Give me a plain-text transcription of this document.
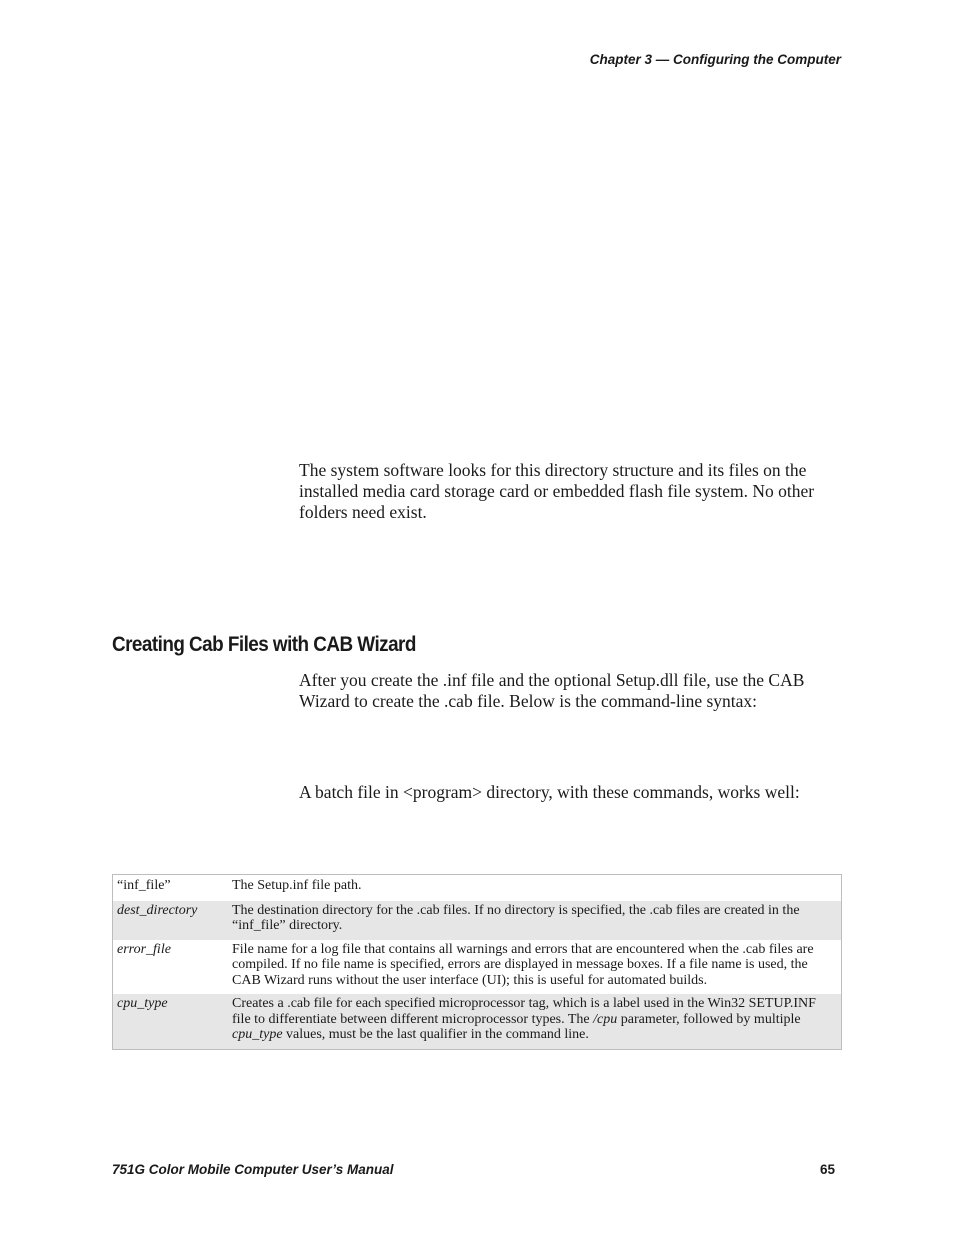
Chapter 3 — Configuring the Computer

The system software looks for this directory structure and its files on the installed media card storage card or embedded flash file system. No other folders need exist.

Creating Cab Files with CAB Wizard

After you create the .inf file and the optional Setup.dll file, use the CAB Wizard to create the .cab file. Below is the command-line syntax:

A batch file in <program> directory, with these commands, works well:

“inf_file”	The Setup.inf file path.
dest_directory	The destination directory for the .cab files. If no directory is specified, the .cab files are created in the “inf_file” directory.
error_file	File name for a log file that contains all warnings and errors that are encountered when the .cab files are compiled. If no file name is specified, errors are displayed in message boxes. If a file name is used, the CAB Wizard runs without the user interface (UI); this is useful for automated builds.
cpu_type	Creates a .cab file for each specified microprocessor tag, which is a label used in the Win32 SETUP.INF file to differentiate between different microprocessor types. The /cpu parameter, followed by multiple cpu_type values, must be the last qualifier in the command line.
751G Color Mobile Computer User’s Manual	65
